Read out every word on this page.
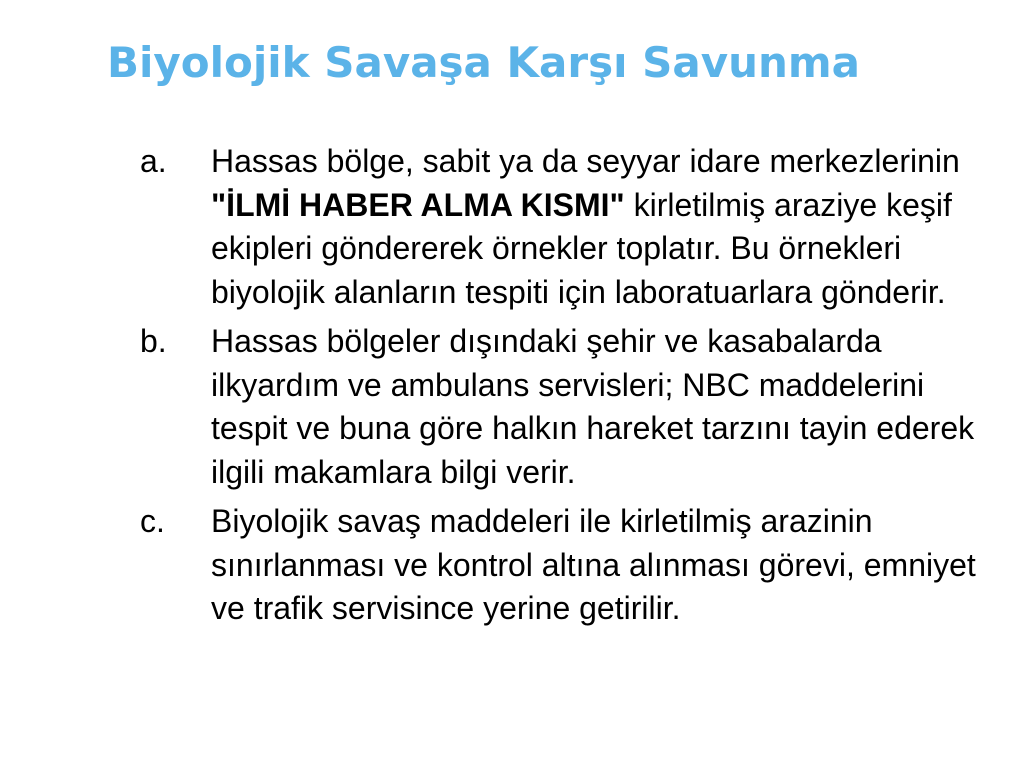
Biyolojik Savaşa Karşı Savunma
a.	Hassas bölge, sabit ya da seyyar idare merkezlerinin "İLMİ HABER ALMA KISMI" kirletilmiş araziye keşif ekipleri göndererek örnekler toplatır. Bu örnekleri biyolojik alanların tespiti için laboratuarlara gönderir.
b.	Hassas bölgeler dışındaki şehir ve kasabalarda ilkyardım ve ambulans servisleri; NBC maddelerini tespit ve buna göre halkın hareket tarzını tayin ederek ilgili makamlara bilgi verir.
c.	Biyolojik savaş maddeleri ile kirletilmiş arazinin sınırlanması ve kontrol altına alınması görevi, emniyet ve trafik servisince yerine getirilir.
